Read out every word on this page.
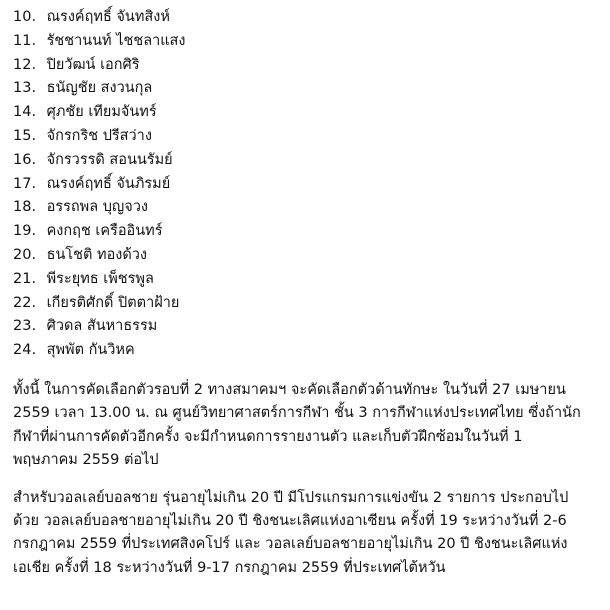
10.
ณรงค์ฤทธิ์ จันทสิงห์
11.
รัชชานนท์ ไชชลาแสง
12.
ปิยวัฒน์ เอกศิริ
13.
ธนัญชัย สงวนกุล
14.
ศุภชัย เทียมจันทร์
15.
จักรกริช ปรีสว่าง
16.
จักรวรรดิ สอนนรัมย์
17.
ณรงค์ฤทธิ์ จันภิรมย์
18.
อรรถพล บุญจวง
19.
คงกฤช เครืออินทร์
20.
ธนโชติ ทองด้วง
21.
พีระยุทธ เพ็ชรพูล
22.
เกียรติศักดิ์ ปิตตาฝ้าย
23.
ศิวดล สันหาธรรม
24.
สุพพัต กันวิหค

ทั้งนี้ ในการคัดเลือกตัวรอบที่ 2 ทางสมาคมฯ จะคัดเลือกตัวด้านทักษะ ในวันที่ 27 เมษายน
2559 เวลา 13.00 น. ณ ศูนย์วิทยาศาสตร์การกีฬา ชั้น 3 การกีฬาแห่งประเทศไทย ซึ่งถ้านัก
กีฬาที่ผ่านการคัดตัวอีกครั้ง จะมีกำหนดการรายงานตัว และเก็บตัวฝึกซ้อมในวันที่ 1
พฤษภาคม 2559 ต่อไป

สำหรับวอลเลย์บอลชาย รุ่นอายุไม่เกิน 20 ปี มีโปรแกรมการแข่งขัน 2 รายการ ประกอบไป
ด้วย วอลเลย์บอลชายอายุไม่เกิน 20 ปี ชิงชนะเลิศแห่งอาเซียน ครั้งที่ 19 ระหว่างวันที่ 2-6
กรกฎาคม 2559 ที่ประเทศสิงคโปร์ และ วอลเลย์บอลชายอายุไม่เกิน 20 ปี ชิงชนะเลิศแห่ง
เอเชีย ครั้งที่ 18 ระหว่างวันที่ 9-17 กรกฎาคม 2559 ที่ประเทศไต้หวัน
